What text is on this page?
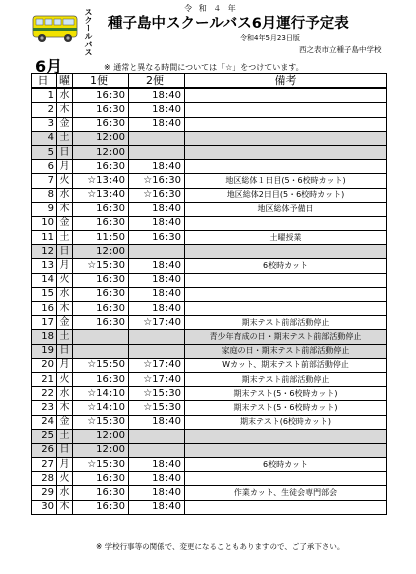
スクールバス	令 和 ４ 年
種子島中スクールバス6月運行予定表
令和4年5月23日版
西之表市立種子島中学校
6月	※ 通常と異なる時間については「☆」をつけています。
日	曜	1便	2便	備考
1	水	16:30	18:40	
2	木	16:30	18:40	
3	金	16:30	18:40	
4	土	12:00		
5	日	12:00		
6	月	16:30	18:40	
7	火	☆13:40	☆16:30	地区総体１日目(5・6校時カット)
8	水	☆13:40	☆16:30	地区総体2日目(5・6校時カット)
9	木	16:30	18:40	地区総体予備日
10	金	16:30	18:40	
11	土	11:50	16:30	土曜授業
12	日	12:00		
13	月	☆15:30	18:40	6校時カット
14	火	16:30	18:40	
15	水	16:30	18:40	
16	木	16:30	18:40	
17	金	16:30	☆17:40	期末テスト前部活動停止
18	土			青少年育成の日・期末テスト前部活動停止
19	日			家庭の日・期末テスト前部活動停止
20	月	☆15:50	☆17:40	Wカット、期末テスト前部活動停止
21	火	16:30	☆17:40	期末テスト前部活動停止
22	水	☆14:10	☆15:30	期末テスト(5・6校時カット)
23	木	☆14:10	☆15:30	期末テスト(5・6校時カット)
24	金	☆15:30	18:40	期末テスト(6校時カット)
25	土	12:00		
26	日	12:00		
27	月	☆15:30	18:40	6校時カット
28	火	16:30	18:40	
29	水	16:30	18:40	作業カット、生徒会専門部会
30	木	16:30	18:40	
※ 学校行事等の関係で、変更になることもありますので、ご了承下さい。
